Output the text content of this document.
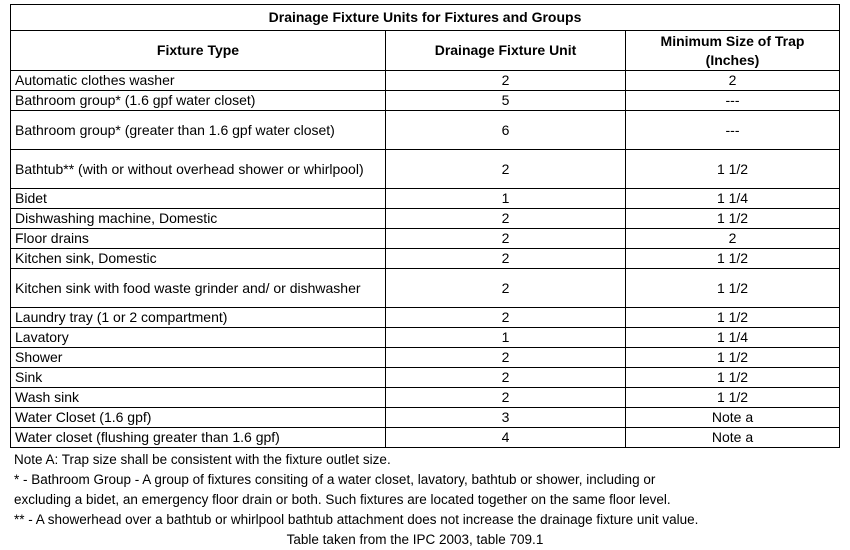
Drainage Fixture Units for Fixtures and Groups		
Fixture Type	Drainage Fixture Unit	Minimum Size of Trap
(Inches)
Automatic clothes washer	2	2
Bathroom group* (1.6 gpf water closet)	5	---
Bathroom group* (greater than 1.6 gpf water closet)	6	---
Bathtub** (with or without overhead shower or whirlpool)	2	1 1/2
Bidet	1	1 1/4
Dishwashing machine, Domestic	2	1 1/2
Floor drains	2	2
Kitchen sink, Domestic	2	1 1/2
Kitchen sink with food waste grinder and/ or dishwasher	2	1 1/2
Laundry tray (1 or 2 compartment)	2	1 1/2
Lavatory	1	1 1/4
Shower	2	1 1/2
Sink	2	1 1/2
Wash sink	2	1 1/2
Water Closet (1.6 gpf)	3	Note a
Water closet (flushing greater than 1.6 gpf)	4	Note a
Note A: Trap size shall be consistent with the fixture outlet size.
* - Bathroom Group - A group of fixtures consiting of a water closet, lavatory, bathtub or shower, including or
excluding a bidet, an emergency floor drain or both. Such fixtures are located together on the same floor level.
** - A showerhead over a bathtub or whirlpool bathtub attachment does not increase the drainage fixture unit value.
Table taken from the IPC 2003, table 709.1
